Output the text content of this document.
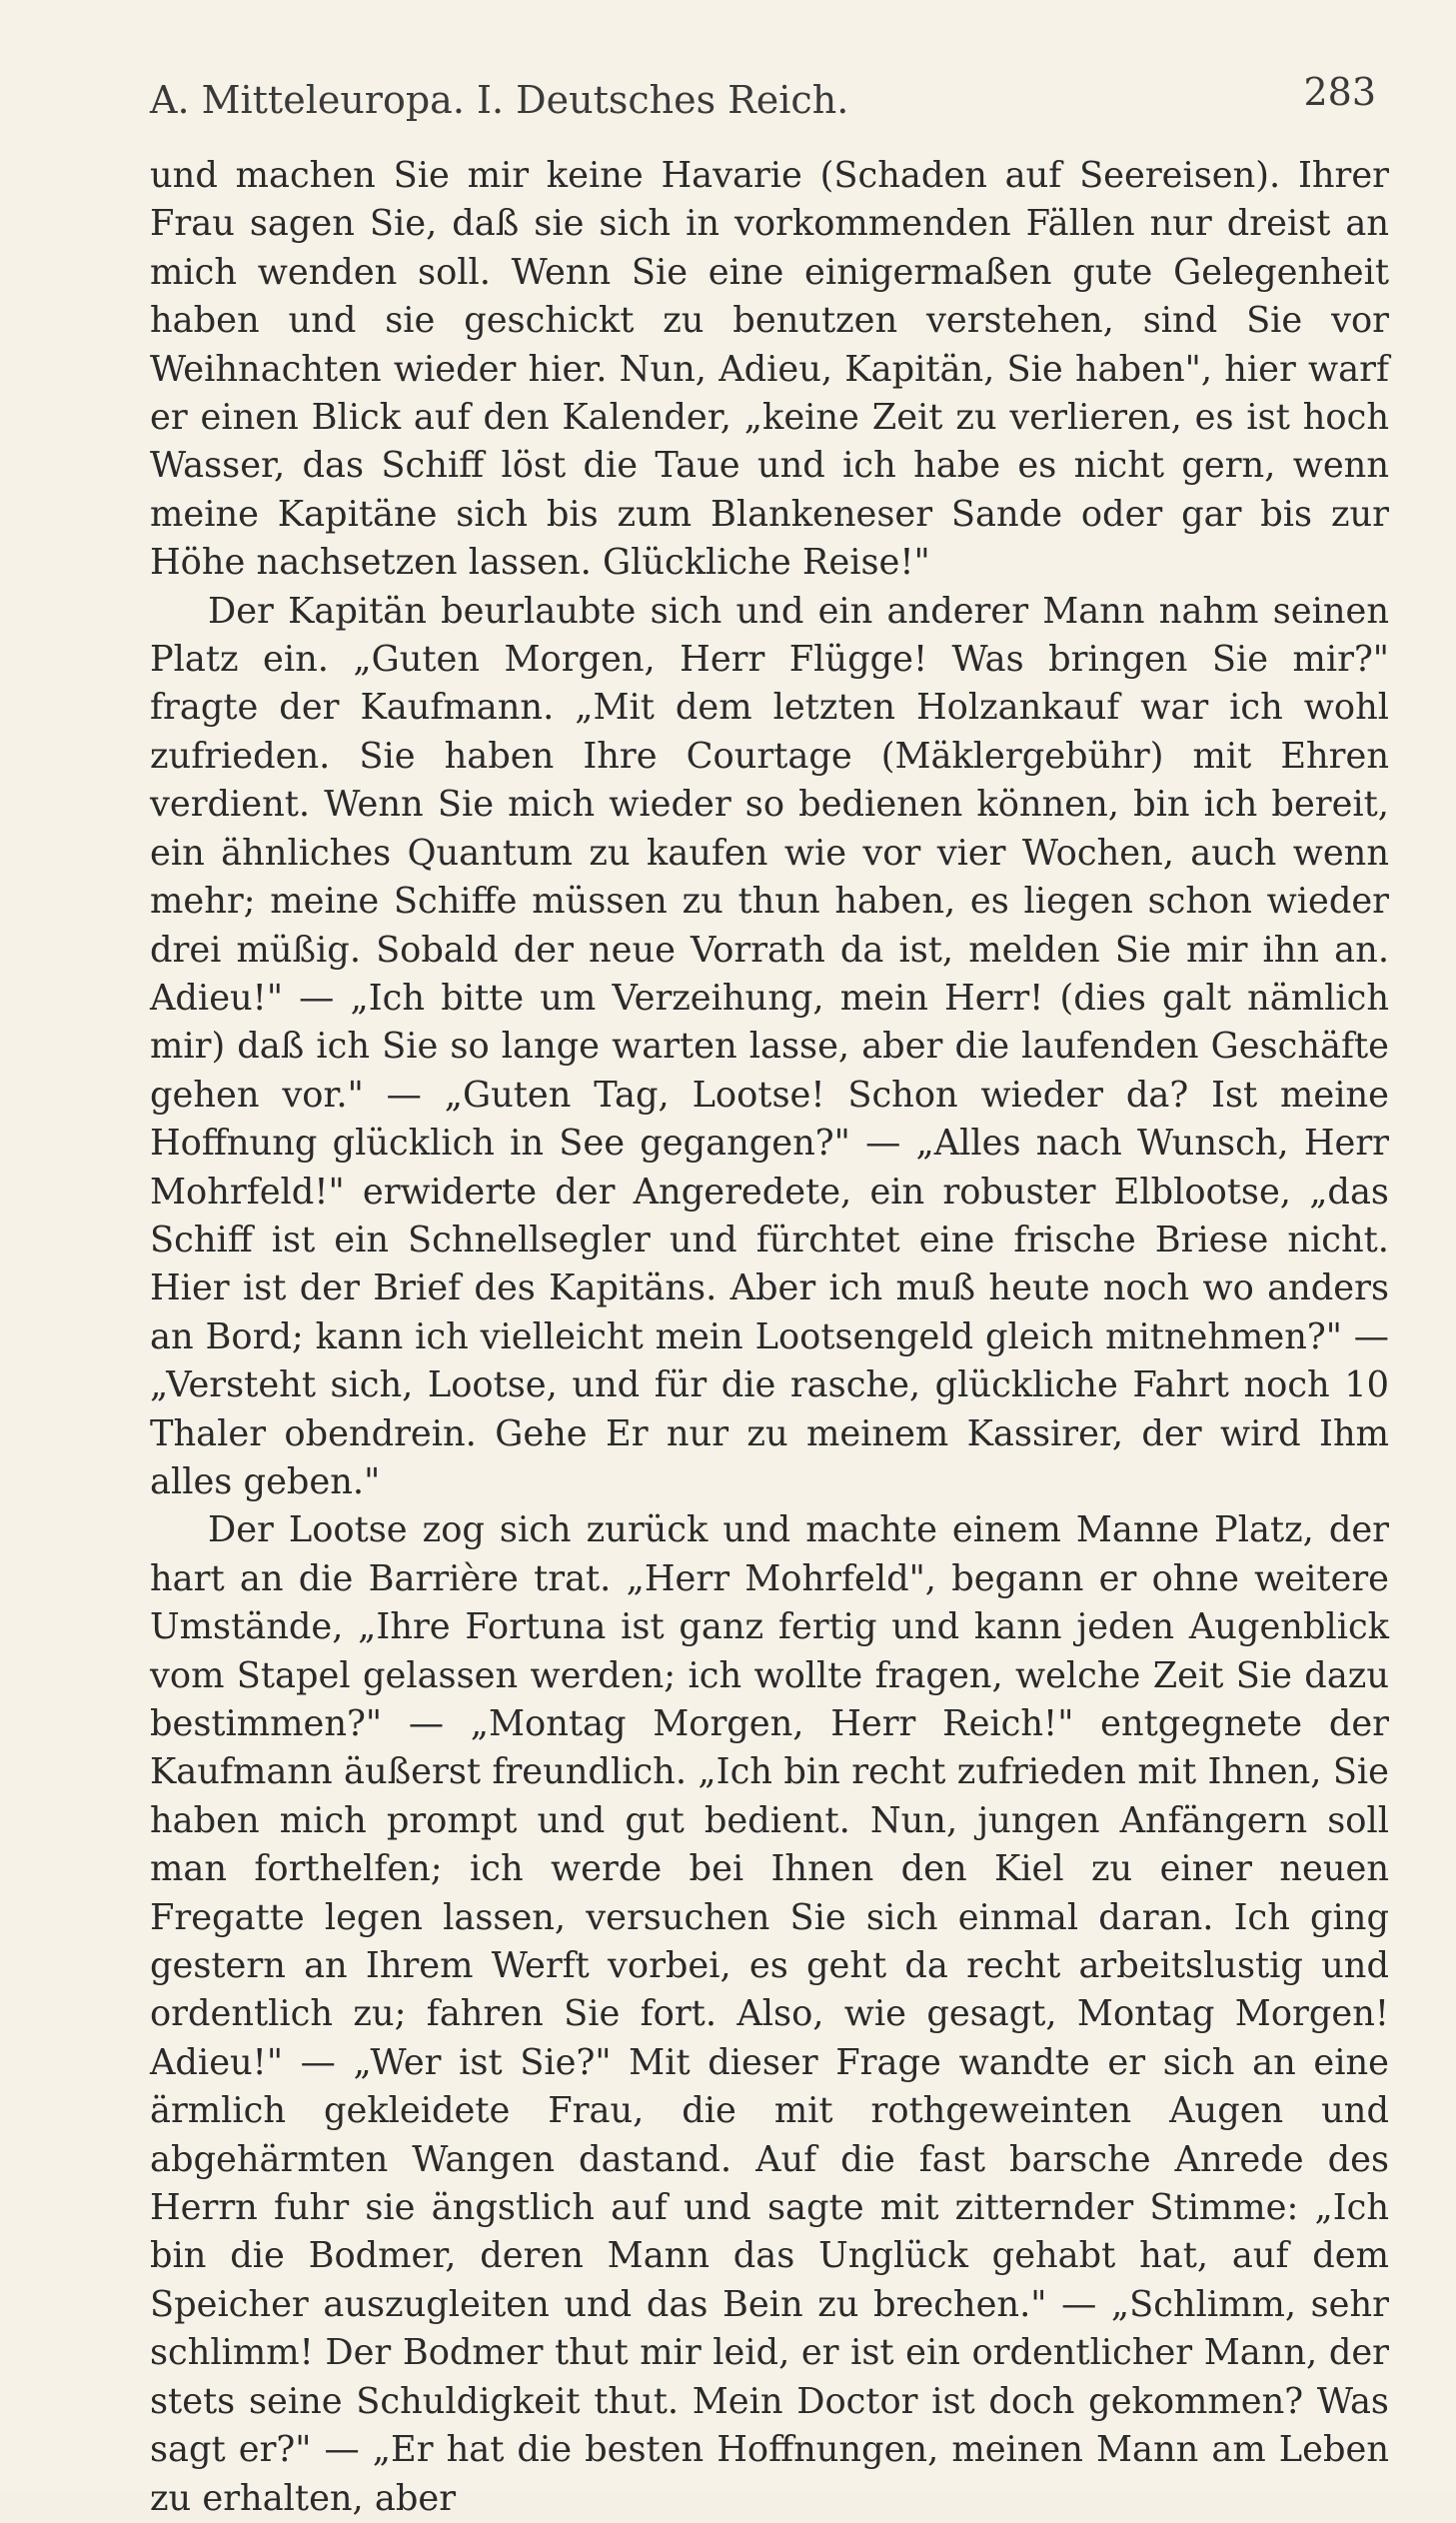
A. Mitteleuropa. I. Deutsches Reich.	283

und machen Sie mir keine Havarie (Schaden auf Seereisen). Ihrer Frau sagen Sie, daß sie sich in vorkommenden Fällen nur dreist an mich wenden soll. Wenn Sie eine einigermaßen gute Gelegenheit haben und sie geschickt zu benutzen verstehen, sind Sie vor Weihnachten wieder hier. Nun, Adieu, Kapitän, Sie haben", hier warf er einen Blick auf den Kalender, „keine Zeit zu verlieren, es ist hoch Wasser, das Schiff löst die Taue und ich habe es nicht gern, wenn meine Kapitäne sich bis zum Blankeneser Sande oder gar bis zur Höhe nachsetzen lassen. Glückliche Reise!"

Der Kapitän beurlaubte sich und ein anderer Mann nahm seinen Platz ein. „Guten Morgen, Herr Flügge! Was bringen Sie mir?" fragte der Kaufmann. „Mit dem letzten Holzankauf war ich wohl zufrieden. Sie haben Ihre Courtage (Mäklergebühr) mit Ehren verdient. Wenn Sie mich wieder so bedienen können, bin ich bereit, ein ähnliches Quantum zu kaufen wie vor vier Wochen, auch wenn mehr; meine Schiffe müssen zu thun haben, es liegen schon wieder drei müßig. Sobald der neue Vorrath da ist, melden Sie mir ihn an. Adieu!" — „Ich bitte um Verzeihung, mein Herr! (dies galt nämlich mir) daß ich Sie so lange warten lasse, aber die laufenden Geschäfte gehen vor." — „Guten Tag, Lootse! Schon wieder da? Ist meine Hoffnung glücklich in See gegangen?" — „Alles nach Wunsch, Herr Mohrfeld!" erwiderte der Angeredete, ein robuster Elblootse, „das Schiff ist ein Schnellsegler und fürchtet eine frische Briese nicht. Hier ist der Brief des Kapitäns. Aber ich muß heute noch wo anders an Bord; kann ich vielleicht mein Lootsengeld gleich mitnehmen?" — „Versteht sich, Lootse, und für die rasche, glückliche Fahrt noch 10 Thaler obendrein. Gehe Er nur zu meinem Kassirer, der wird Ihm alles geben."

Der Lootse zog sich zurück und machte einem Manne Platz, der hart an die Barrière trat. „Herr Mohrfeld", begann er ohne weitere Umstände, „Ihre Fortuna ist ganz fertig und kann jeden Augenblick vom Stapel gelassen werden; ich wollte fragen, welche Zeit Sie dazu bestimmen?" — „Montag Morgen, Herr Reich!" entgegnete der Kaufmann äußerst freundlich. „Ich bin recht zufrieden mit Ihnen, Sie haben mich prompt und gut bedient. Nun, jungen Anfängern soll man forthelfen; ich werde bei Ihnen den Kiel zu einer neuen Fregatte legen lassen, versuchen Sie sich einmal daran. Ich ging gestern an Ihrem Werft vorbei, es geht da recht arbeitslustig und ordentlich zu; fahren Sie fort. Also, wie gesagt, Montag Morgen! Adieu!" — „Wer ist Sie?" Mit dieser Frage wandte er sich an eine ärmlich gekleidete Frau, die mit rothgeweinten Augen und abgehärmten Wangen dastand. Auf die fast barsche Anrede des Herrn fuhr sie ängstlich auf und sagte mit zitternder Stimme: „Ich bin die Bodmer, deren Mann das Unglück gehabt hat, auf dem Speicher auszugleiten und das Bein zu brechen." — „Schlimm, sehr schlimm! Der Bodmer thut mir leid, er ist ein ordentlicher Mann, der stets seine Schuldigkeit thut. Mein Doctor ist doch gekommen? Was sagt er?" — „Er hat die besten Hoffnungen, meinen Mann am Leben zu erhalten, aber
